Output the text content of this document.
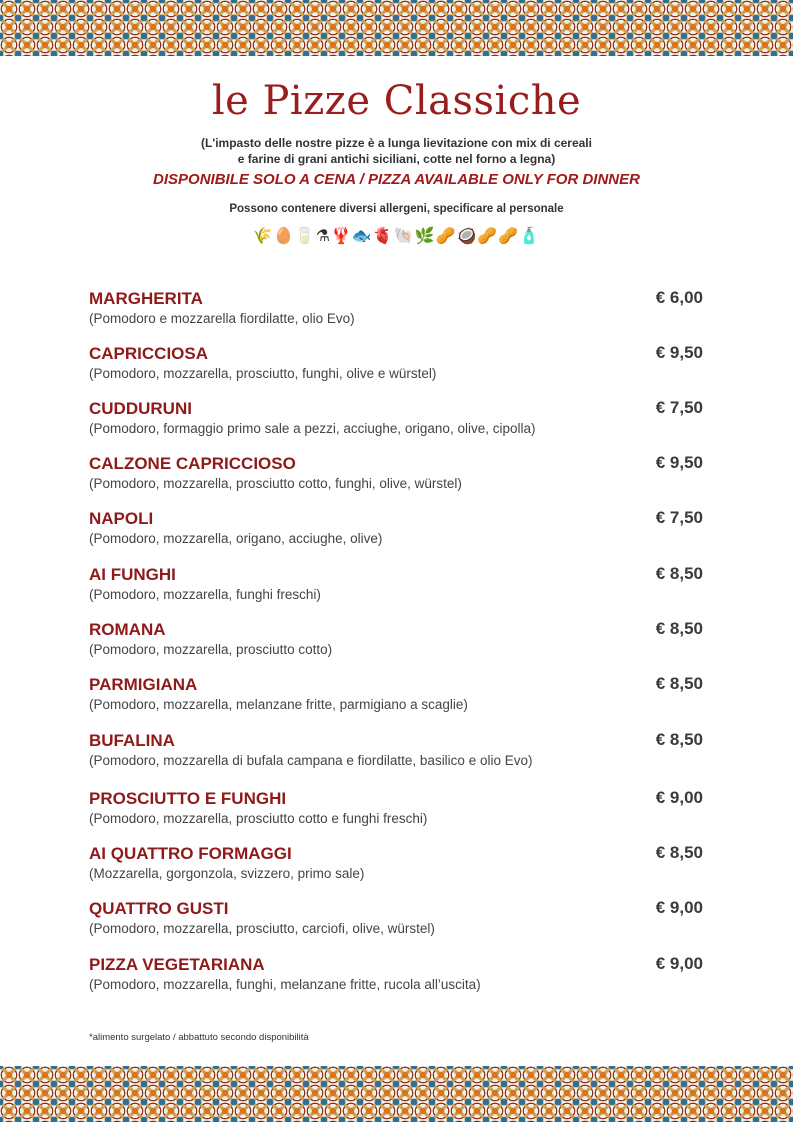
le Pizze Classiche
(L'impasto delle nostre pizze è a lunga lievitazione con mix di cereali
e farine di grani antichi siciliani, cotte nel forno a legna)
DISPONIBILE SOLO A CENA / PIZZA AVAILABLE ONLY FOR DINNER
Possono contenere diversi allergeni, specificare al personale
🌾🥚🥛⚗🦞🐟🫀🐚🌿🥜🥥🥜🥜🧴
MARGHERITA
(Pomodoro e mozzarella fiordilatte, olio Evo)
€ 6,00
CAPRICCIOSA
(Pomodoro, mozzarella, prosciutto, funghi, olive e würstel)
€ 9,50
CUDDURUNI
(Pomodoro, formaggio primo sale a pezzi, acciughe, origano, olive, cipolla)
€ 7,50
CALZONE CAPRICCIOSO
(Pomodoro, mozzarella, prosciutto cotto, funghi, olive, würstel)
€ 9,50
NAPOLI
(Pomodoro, mozzarella, origano, acciughe, olive)
€ 7,50
AI FUNGHI
(Pomodoro, mozzarella, funghi freschi)
€ 8,50
ROMANA
(Pomodoro, mozzarella, prosciutto cotto)
€ 8,50
PARMIGIANA
(Pomodoro, mozzarella, melanzane fritte, parmigiano a scaglie)
€ 8,50
BUFALINA
(Pomodoro, mozzarella di bufala campana e fiordilatte, basilico e olio Evo)
€ 8,50
PROSCIUTTO E FUNGHI
(Pomodoro, mozzarella, prosciutto cotto e funghi freschi)
€ 9,00
AI QUATTRO FORMAGGI
(Mozzarella, gorgonzola, svizzero, primo sale)
€ 8,50
QUATTRO GUSTI
(Pomodoro, mozzarella, prosciutto, carciofi, olive, würstel)
€ 9,00
PIZZA VEGETARIANA
(Pomodoro, mozzarella, funghi, melanzane fritte, rucola all’uscita)
€ 9,00
*alimento surgelato / abbattuto secondo disponibilità
